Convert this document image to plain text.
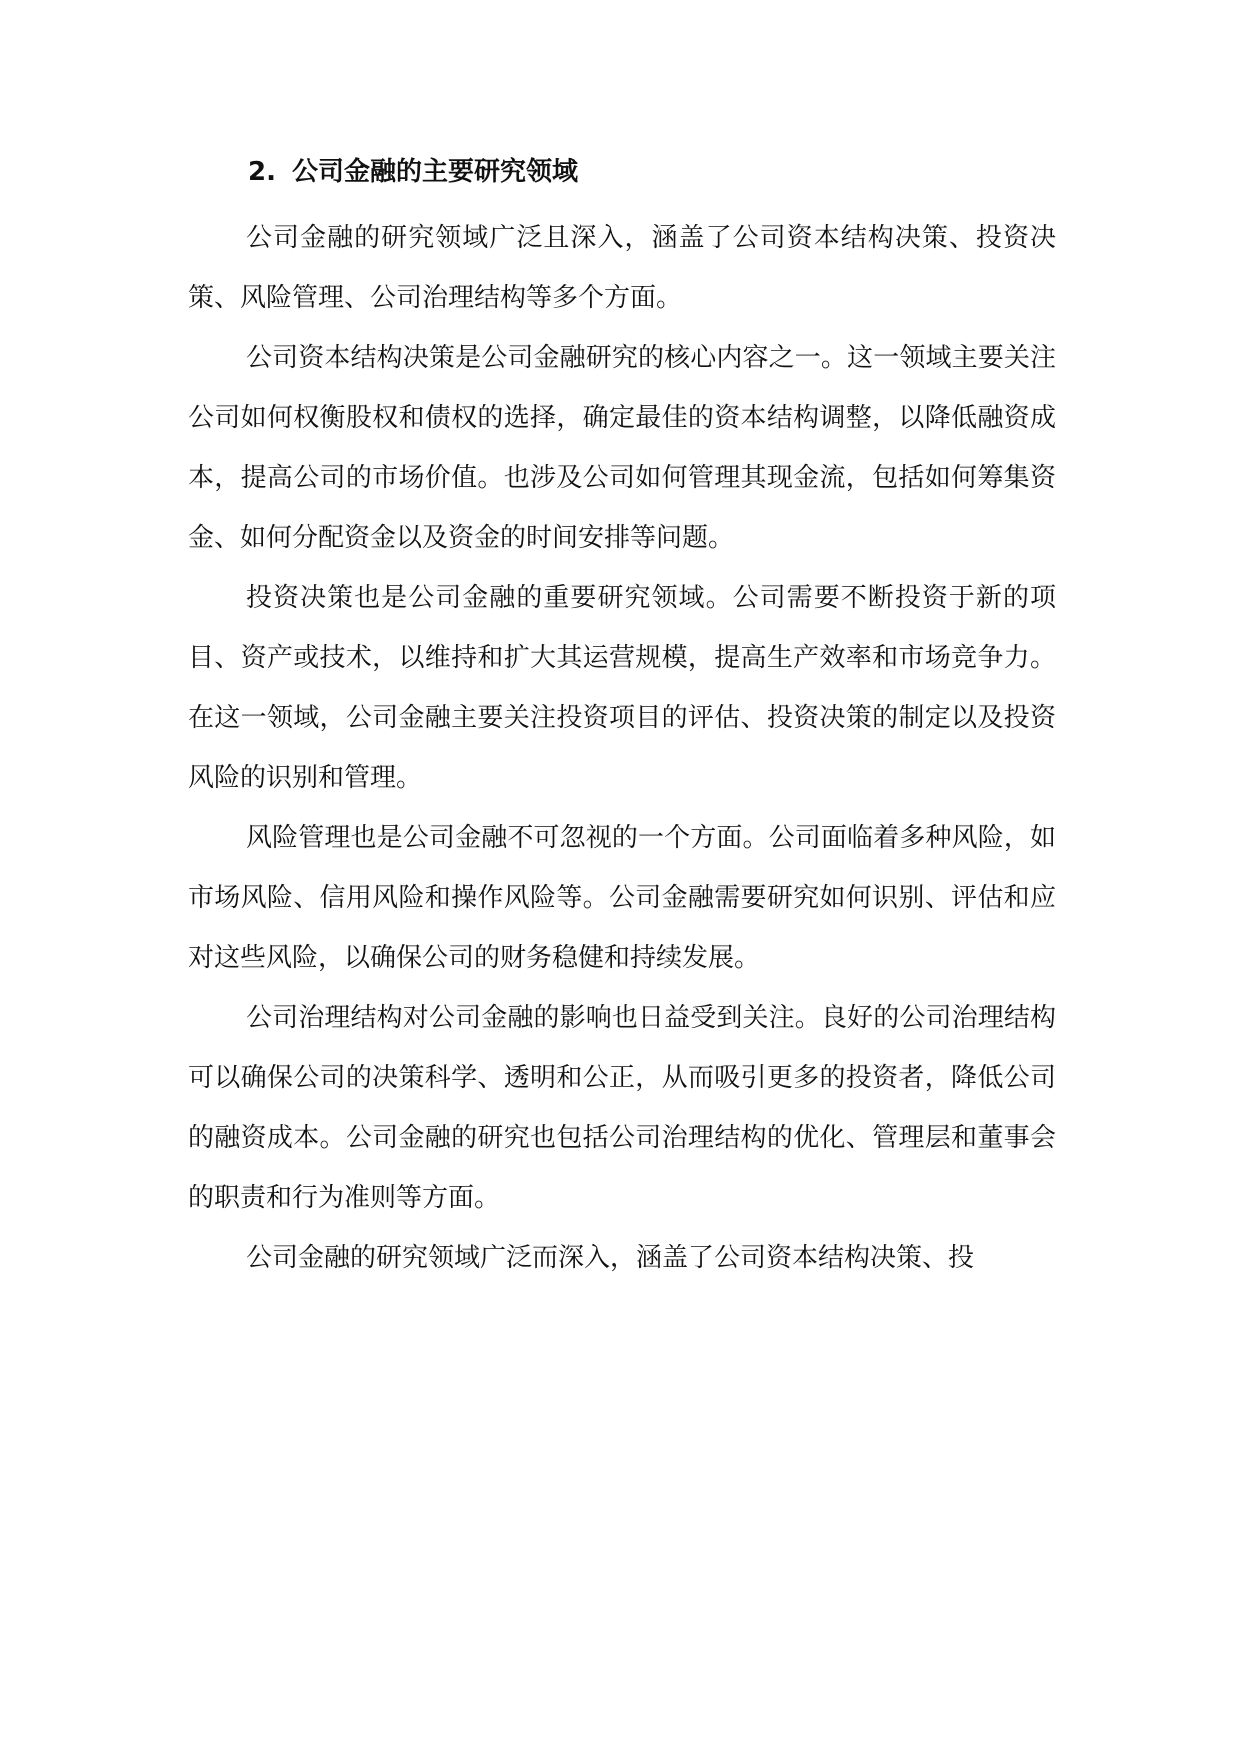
2. 公司金融的主要研究领域

公司金融的研究领域广泛且深入，涵盖了公司资本结构决策、投资决策、风险管理、公司治理结构等多个方面。

公司资本结构决策是公司金融研究的核心内容之一。这一领域主要关注公司如何权衡股权和债权的选择，确定最佳的资本结构调整，以降低融资成本，提高公司的市场价值。也涉及公司如何管理其现金流，包括如何筹集资金、如何分配资金以及资金的时间安排等问题。

投资决策也是公司金融的重要研究领域。公司需要不断投资于新的项目、资产或技术，以维持和扩大其运营规模，提高生产效率和市场竞争力。在这一领域，公司金融主要关注投资项目的评估、投资决策的制定以及投资风险的识别和管理。

风险管理也是公司金融不可忽视的一个方面。公司面临着多种风险，如市场风险、信用风险和操作风险等。公司金融需要研究如何识别、评估和应对这些风险，以确保公司的财务稳健和持续发展。

公司治理结构对公司金融的影响也日益受到关注。良好的公司治理结构可以确保公司的决策科学、透明和公正，从而吸引更多的投资者，降低公司的融资成本。公司金融的研究也包括公司治理结构的优化、管理层和董事会的职责和行为准则等方面。

公司金融的研究领域广泛而深入，涵盖了公司资本结构决策、投
